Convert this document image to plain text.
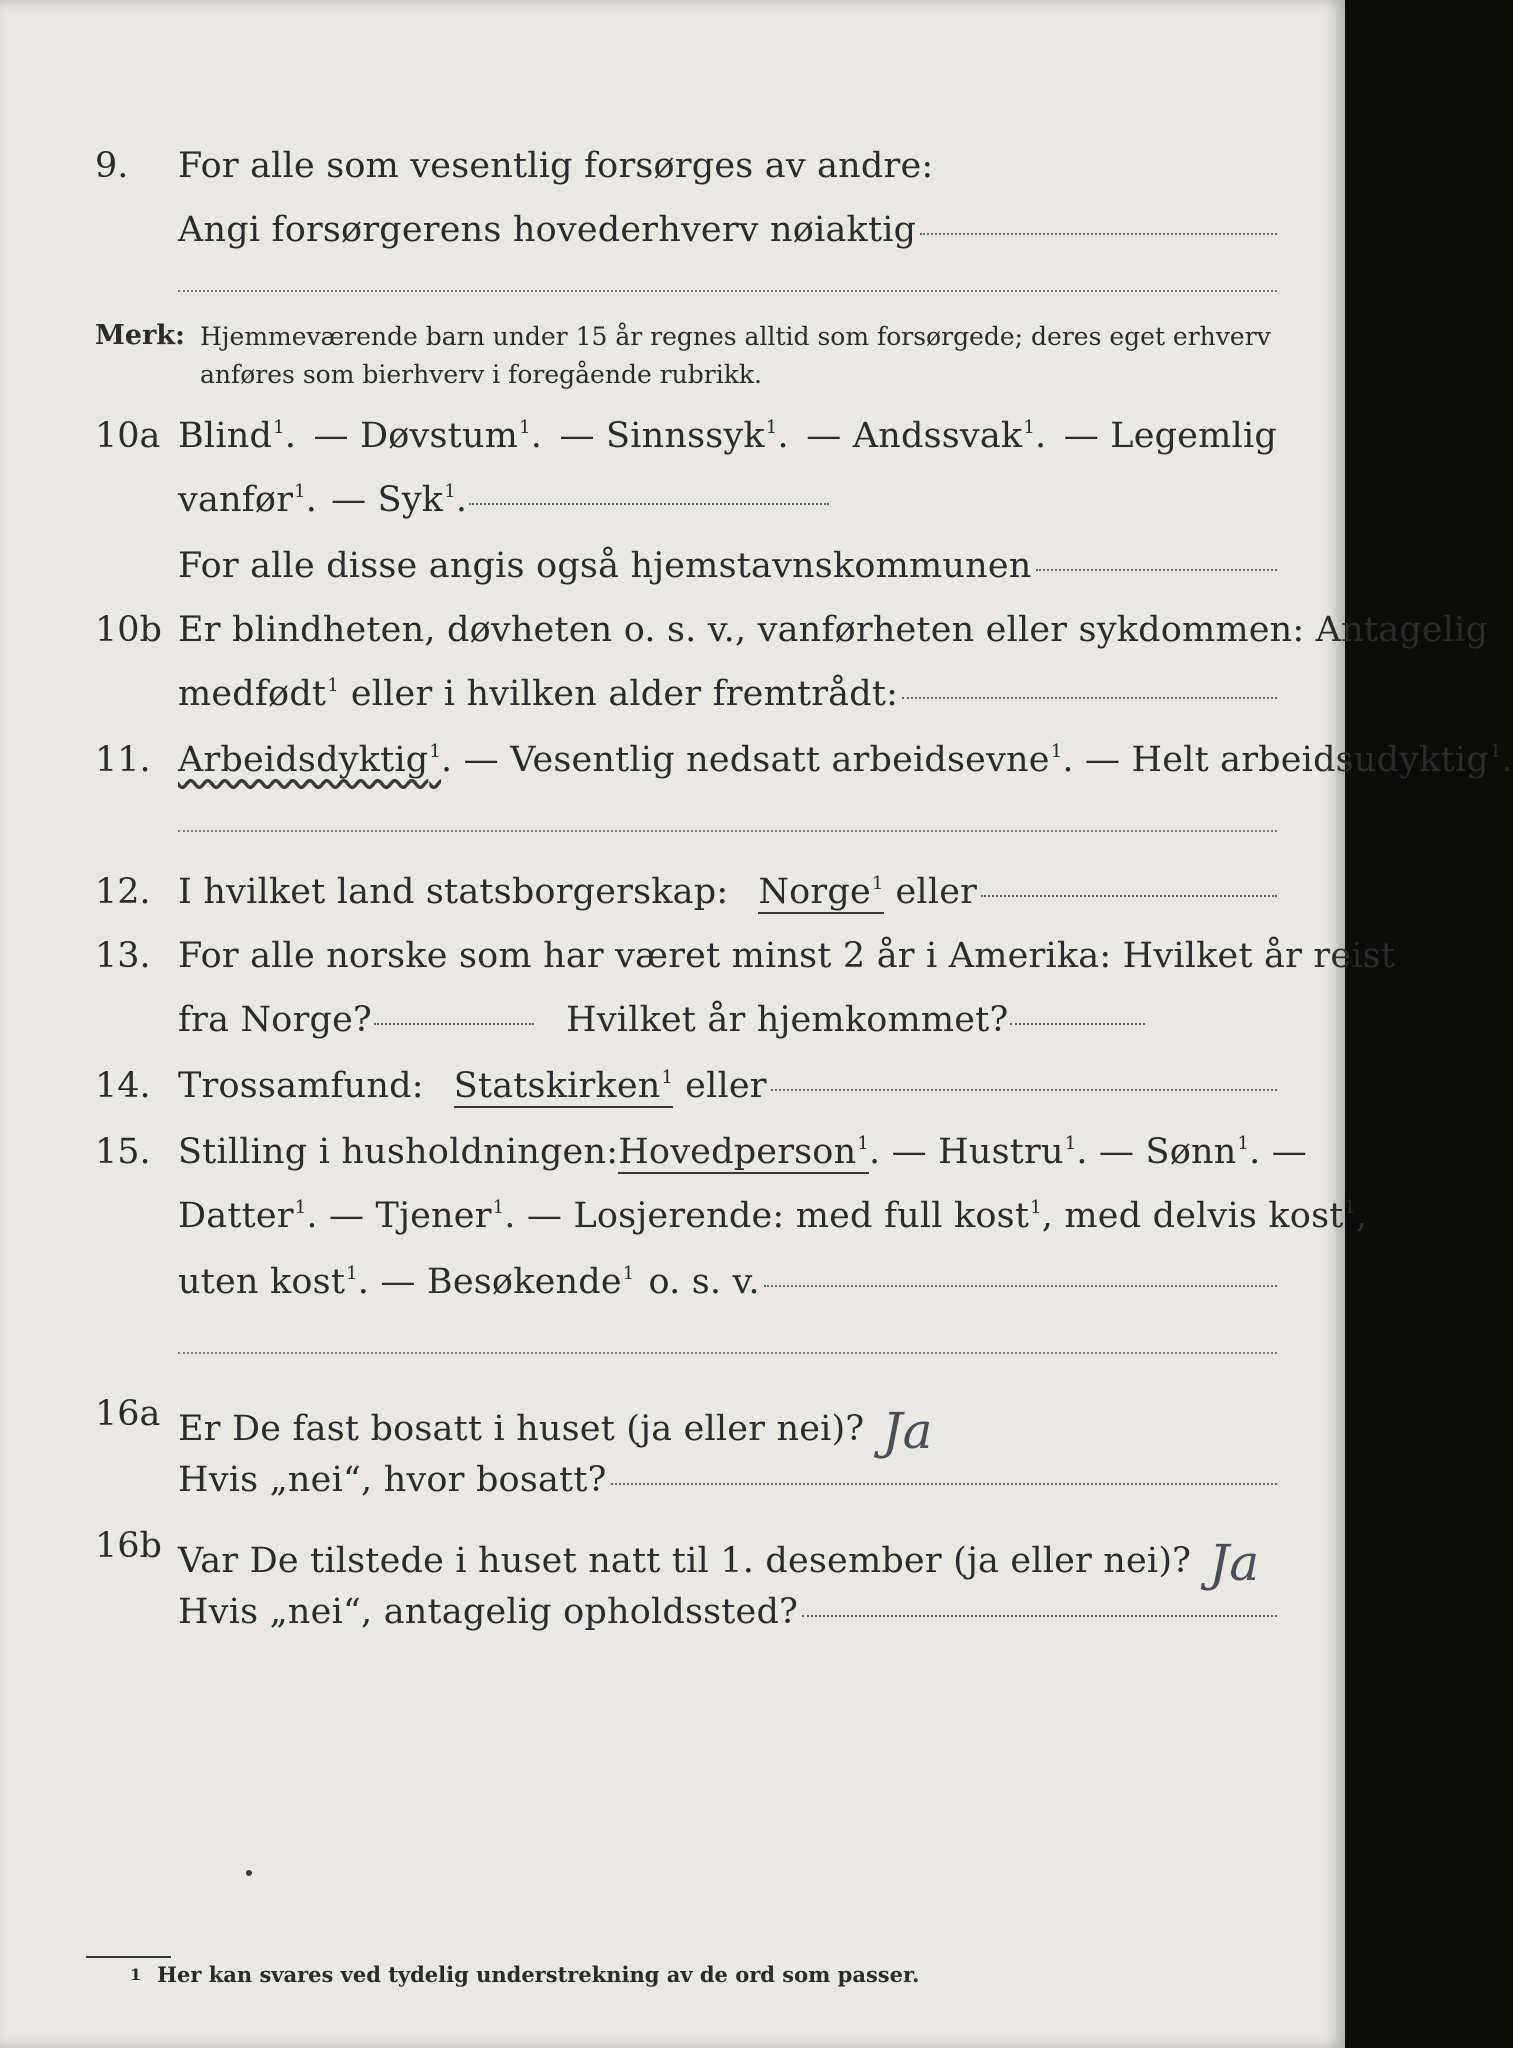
9. For alle som vesentlig forsørges av andre:
Angi forsørgerens hovederhverv nøiaktig
Merk: Hjemmeværende barn under 15 år regnes alltid som forsørgede; deres eget erhverv
anføres som bierhverv i foregående rubrikk.
10a Blind$^1$. — Døvstum$^1$. — Sinnssyk$^1$. — Andssvak$^1$. — Legemlig
vanfør$^1$. — Syk$^1$.
For alle disse angis også hjemstavnskommunen
10b Er blindheten, døvheten o. s. v., vanførheten eller sykdommen: Antagelig
medfødt$^1$ eller i hvilken alder fremtrådt:
11. Arbeidsdyktig$^1$ . — Vesentlig nedsatt arbeidsevne$^1$ . — Helt arbeidsudyktig$^1$.
12. I hvilket land statsborgerskap: Norge$^1$ eller
13. For alle norske som har været minst 2 år i Amerika: Hvilket år reist
fra Norge?	Hvilket år hjemkommet?
14. Trossamfund: Statskirken$^1$ eller
15. Stilling i husholdningen: Hovedperson$^1$ . — Hustru$^1$ . — Sønn$^1$ . —
Datter$^1$ . — Tjener$^1$ . — Losjerende: med full kost$^1$ , med delvis kost$^1$,
uten kost$^1$ . — Besøkende$^1$ o. s. v.
16a Er De fast bosatt i huset (ja eller nei)? Ja
Hvis „nei“, hvor bosatt?
16b Var De tilstede i huset natt til 1. desember (ja eller nei)? Ja
Hvis „nei“, antagelig opholdssted?
1 Her kan svares ved tydelig understrekning av de ord som passer.
